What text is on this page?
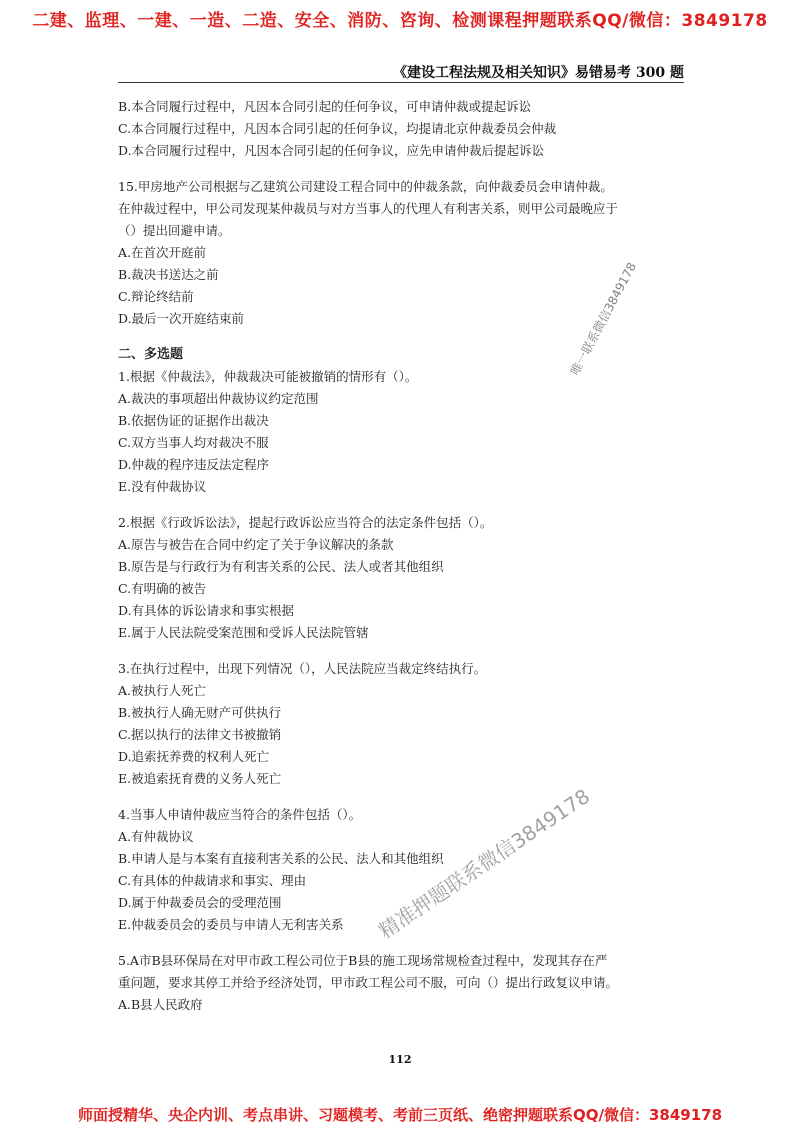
二建、监理、一建、一造、二造、安全、消防、咨询、检测课程押题联系QQ/微信：3849178
《建设工程法规及相关知识》易错易考 300 题
B.本合同履行过程中，凡因本合同引起的任何争议，可申请仲裁或提起诉讼
C.本合同履行过程中，凡因本合同引起的任何争议，均提请北京仲裁委员会仲裁
D.本合同履行过程中，凡因本合同引起的任何争议，应先申请仲裁后提起诉讼
15.甲房地产公司根据与乙建筑公司建设工程合同中的仲裁条款，向仲裁委员会申请仲裁。
在仲裁过程中，甲公司发现某仲裁员与对方当事人的代理人有利害关系，则甲公司最晚应于
（）提出回避申请。
A.在首次开庭前
B.裁决书送达之前
C.辩论终结前
D.最后一次开庭结束前
二、多选题
1.根据《仲裁法》，仲裁裁决可能被撤销的情形有（）。
A.裁决的事项超出仲裁协议约定范围
B.依据伪证的证据作出裁决
C.双方当事人均对裁决不服
D.仲裁的程序违反法定程序
E.没有仲裁协议
2.根据《行政诉讼法》，提起行政诉讼应当符合的法定条件包括（）。
A.原告与被告在合同中约定了关于争议解决的条款
B.原告是与行政行为有利害关系的公民、法人或者其他组织
C.有明确的被告
D.有具体的诉讼请求和事实根据
E.属于人民法院受案范围和受诉人民法院管辖
3.在执行过程中，出现下列情况（），人民法院应当裁定终结执行。
A.被执行人死亡
B.被执行人确无财产可供执行
C.据以执行的法律文书被撤销
D.追索抚养费的权利人死亡
E.被追索抚育费的义务人死亡
4.当事人申请仲裁应当符合的条件包括（）。
A.有仲裁协议
B.申请人是与本案有直接利害关系的公民、法人和其他组织
C.有具体的仲裁请求和事实、理由
D.属于仲裁委员会的受理范围
E.仲裁委员会的委员与申请人无利害关系
5.A市B县环保局在对甲市政工程公司位于B县的施工现场常规检查过程中，发现其存在严
重问题，要求其停工并给予经济处罚，甲市政工程公司不服，可向（）提出行政复议申请。
A.B县人民政府
唯一联系微信3849178
精准押题联系微信3849178
112
师面授精华、央企内训、考点串讲、习题模考、考前三页纸、绝密押题联系QQ/微信：3849178
